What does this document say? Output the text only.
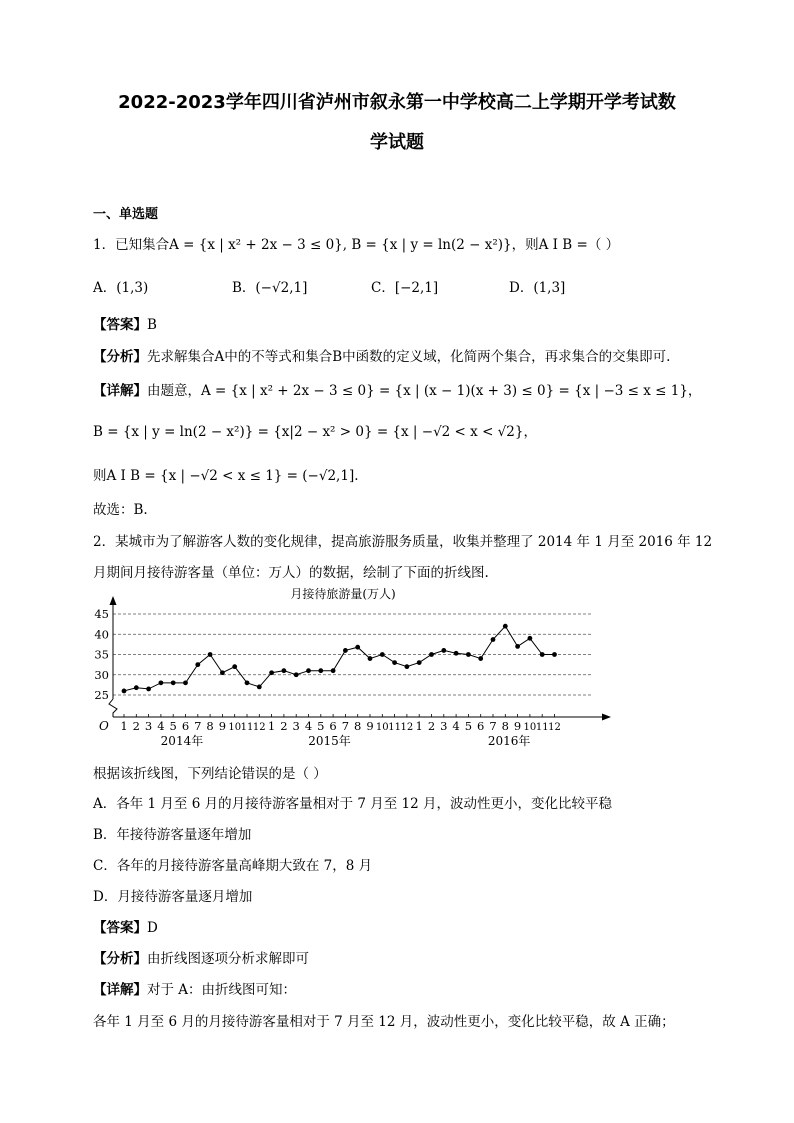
2022-2023学年四川省泸州市叙永第一中学校高二上学期开学考试数
学试题
一、单选题
1．已知集合A = {x | x² + 2x − 3 ≤ 0}, B = {x | y = ln(2 − x²)}，则A I B =（ ）
A．(1,3)	B．(−√2,1]	C．[−2,1]	D．(1,3]
【答案】B
【分析】先求解集合A中的不等式和集合B中函数的定义域，化简两个集合，再求集合的交集即可.
【详解】由题意，A = {x | x² + 2x − 3 ≤ 0} = {x | (x − 1)(x + 3) ≤ 0} = {x | −3 ≤ x ≤ 1}，
B = {x | y = ln(2 − x²)} = {x|2 − x² > 0} = {x | −√2 < x < √2}，
则A I B = {x | −√2 < x ≤ 1} = (−√2,1].
故选：B.
2．某城市为了解游客人数的变化规律，提高旅游服务质量，收集并整理了 2014 年 1 月至 2016 年 12
月期间月接待游客量（单位：万人）的数据，绘制了下面的折线图.
月接待旅游量(万人)
O
25
30
35
40
45
1 2 3 4 5 6 7 8 9 10 11 12 1 2 3 4 5 6 7 8 9 10 11 12 1 2 3 4 5 6 7 8 9 10 11 12
2014年	2015年	2016年
根据该折线图，下列结论错误的是（ ）
A．各年 1 月至 6 月的月接待游客量相对于 7 月至 12 月，波动性更小，变化比较平稳
B．年接待游客量逐年增加
C．各年的月接待游客量高峰期大致在 7，8 月
D．月接待游客量逐月增加
【答案】D
【分析】由折线图逐项分析求解即可
【详解】对于 A：由折线图可知：
各年 1 月至 6 月的月接待游客量相对于 7 月至 12 月，波动性更小，变化比较平稳，故 A 正确；
